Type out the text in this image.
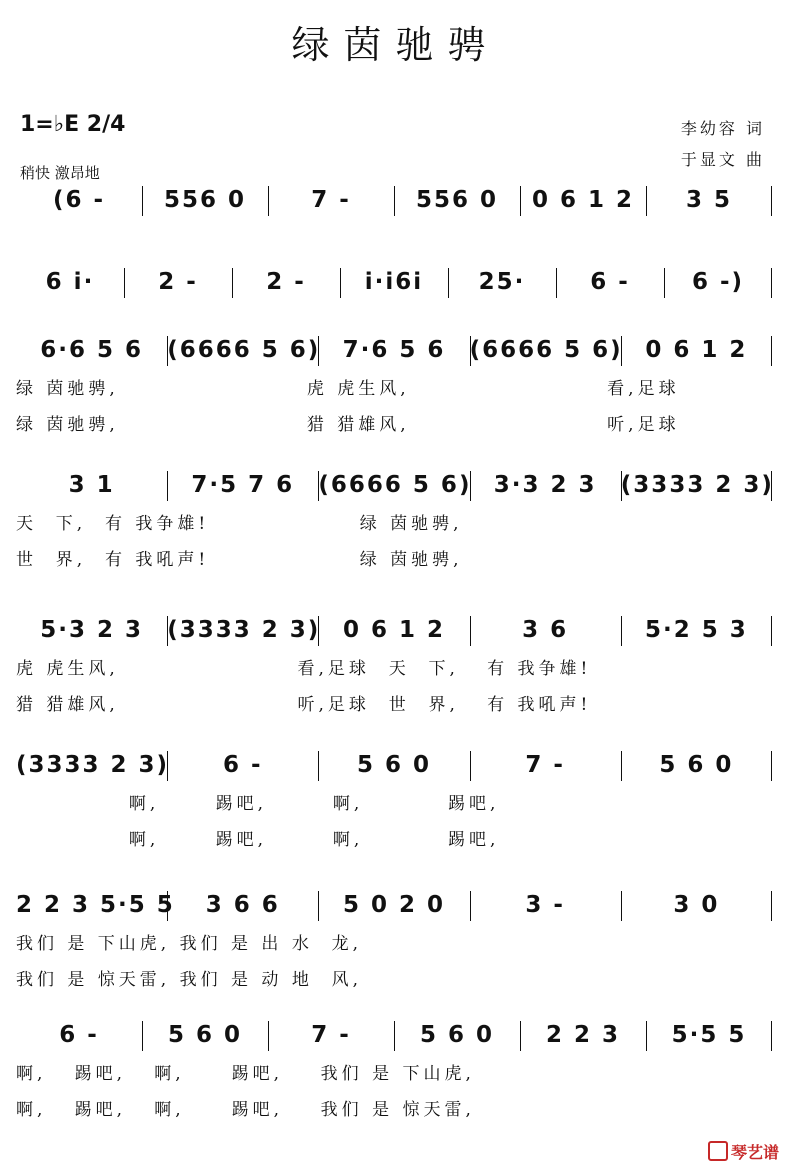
绿茵驰骋
1=♭E 2/4
稍快 激昂地
李幼容 词
于显文 曲
(6 -	556 0	7 -	556 0	0 6 1 2	3 5
6 i·	2 -	2 -	i·i6i	25·	6 -	6 -)
6·6 5 6	(6666 5 6) 7·6 5 6	(6666 5 6) 0 6 1 2
绿 茵驰骋,                    虎 虎生风,                     看,足球
绿 茵驰骋,                    猎 猎雄风,                     听,足球
3 1	7·5 7 6	(6666 5 6) 3·3 2 3	(3333 2 3)
天  下,  有 我争雄!                绿 茵驰骋,
世  界,  有 我吼声!                绿 茵驰骋,
5·3 2 3	(3333 2 3) 0 6 1 2	3 6	5·2 5 3
虎 虎生风,                   看,足球  天  下,   有 我争雄!
猎 猎雄风,                   听,足球  世  界,   有 我吼声!
(3333 2 3)	6 -	5 6 0	7 -	5 6 0
啊,      踢吧,       啊,         踢吧,
啊,      踢吧,       啊,         踢吧,
2 2 3 5·5 5	3 6 6	5 0 2 0	3 -	3 0
我们 是 下山虎, 我们 是 出 水  龙,
我们 是 惊天雷, 我们 是 动 地  风,
6 -	5 6 0	7 -	5 6 0	2 2 3	5·5 5
啊,   踢吧,   啊,     踢吧,    我们 是 下山虎,
啊,   踢吧,   啊,     踢吧,    我们 是 惊天雷,
琴艺谱
